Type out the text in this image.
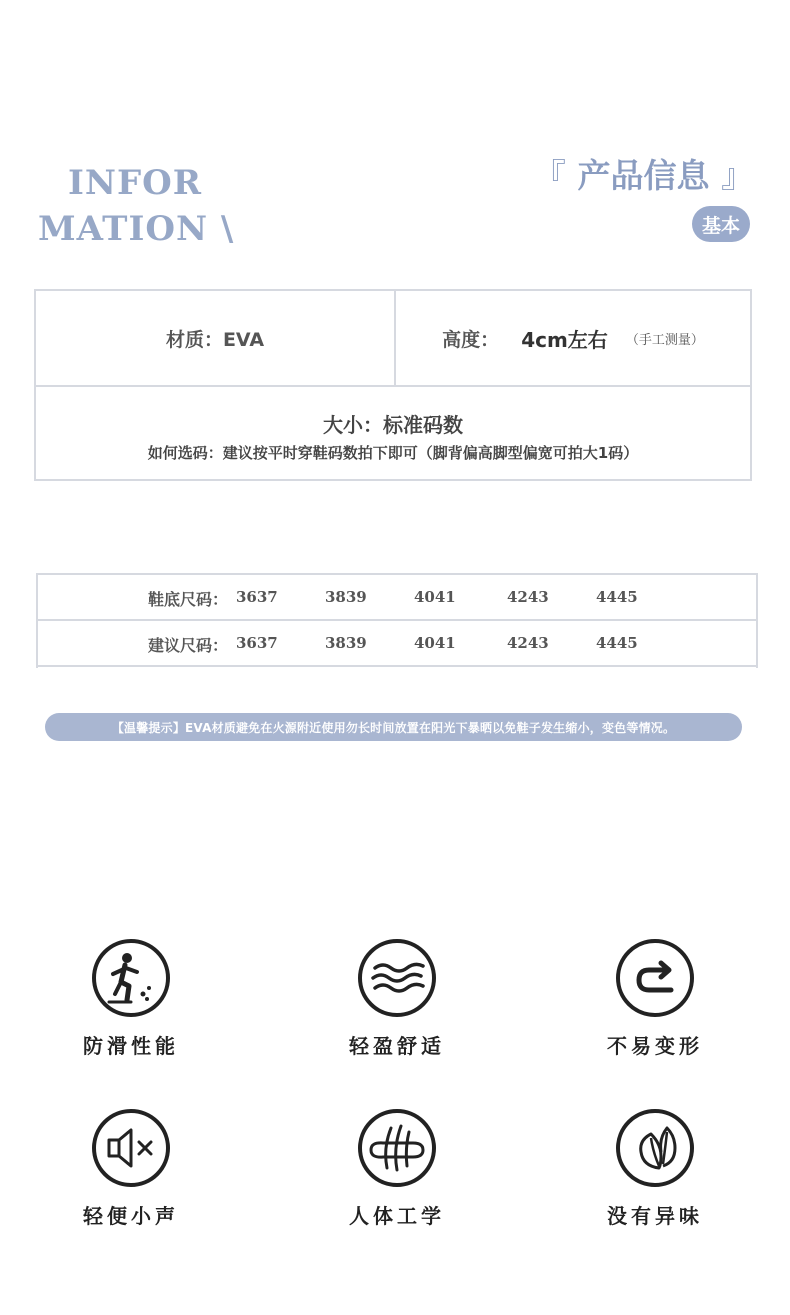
INFOR
MATION \
『 产品信息 』
基本
材质：EVA	高度： 4cm左右 （手工测量）
大小：标准码数
如何选码：建议按平时穿鞋码数拍下即可（脚背偏高脚型偏宽可拍大1码）
鞋底尺码： 3637	3839	4041	4243	4445
建议尺码： 3637	3839	4041	4243	4445
【温馨提示】EVA材质避免在火源附近使用勿长时间放置在阳光下暴晒以免鞋子发生缩小，变色等情况。
防滑性能	轻盈舒适	不易变形
轻便小声	人体工学	没有异味
